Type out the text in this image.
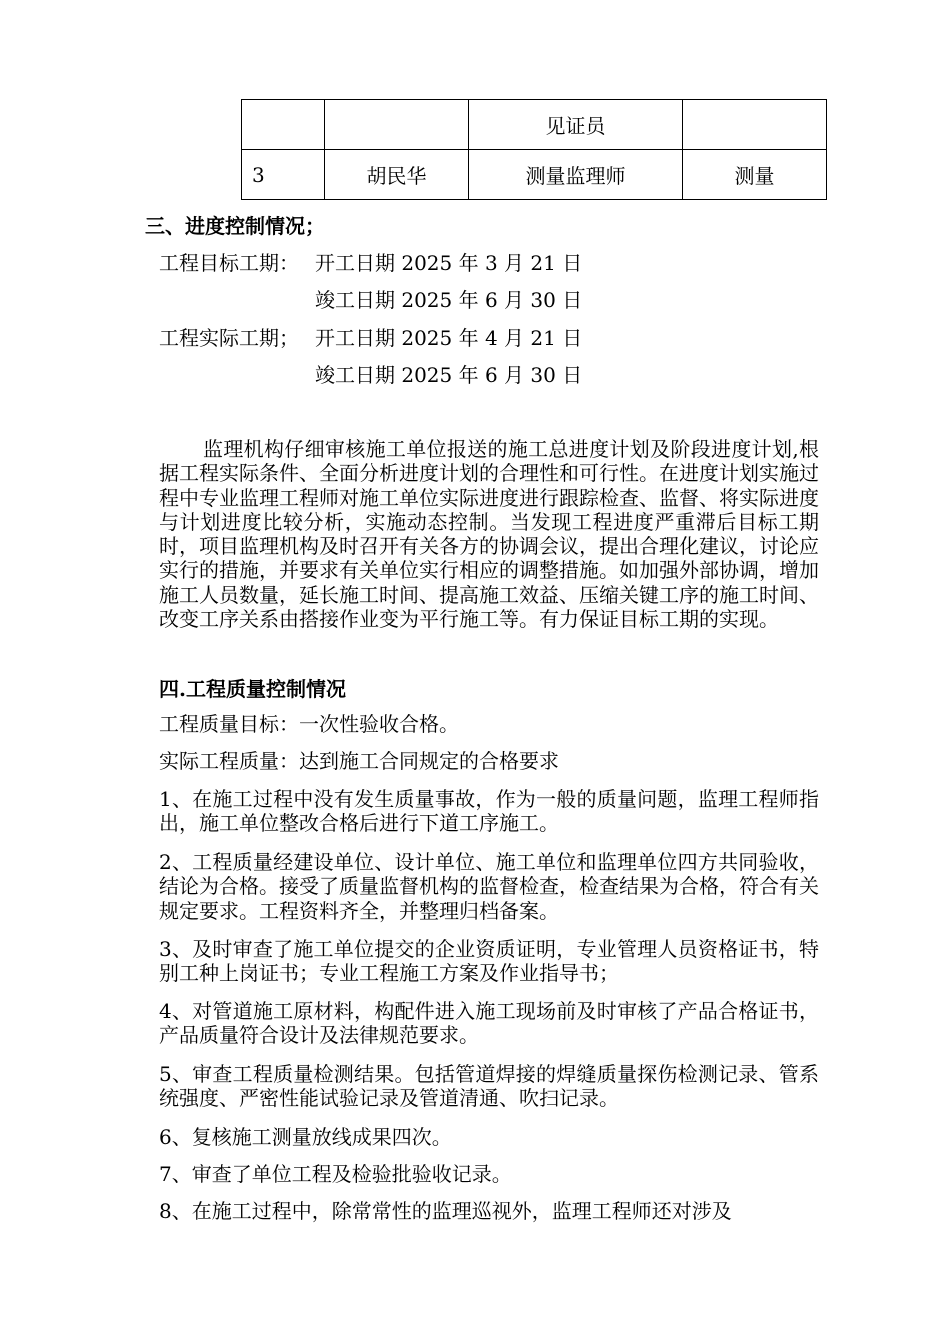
		见证员	
3	胡民华	测量监理师	测量
三、进度控制情况；
工程目标工期： 开工日期 2025 年 3 月 21 日
竣工日期 2025 年 6 月 30 日
工程实际工期； 开工日期 2025 年 4 月 21 日
竣工日期 2025 年 6 月 30 日
监理机构仔细审核施工单位报送的施工总进度计划及阶段进度计划,根据工程实际条件、全面分析进度计划的合理性和可行性。在进度计划实施过程中专业监理工程师对施工单位实际进度进行跟踪检查、监督、将实际进度与计划进度比较分析，实施动态控制。当发现工程进度严重滞后目标工期时，项目监理机构及时召开有关各方的协调会议，提出合理化建议，讨论应实行的措施，并要求有关单位实行相应的调整措施。如加强外部协调，增加施工人员数量，延长施工时间、提高施工效益、压缩关键工序的施工时间、改变工序关系由搭接作业变为平行施工等。有力保证目标工期的实现。
四.工程质量控制情况
工程质量目标：一次性验收合格。
实际工程质量：达到施工合同规定的合格要求
1、在施工过程中没有发生质量事故，作为一般的质量问题，监理工程师指出，施工单位整改合格后进行下道工序施工。
2、工程质量经建设单位、设计单位、施工单位和监理单位四方共同验收，结论为合格。接受了质量监督机构的监督检查，检查结果为合格，符合有关规定要求。工程资料齐全，并整理归档备案。
3、及时审查了施工单位提交的企业资质证明，专业管理人员资格证书，特别工种上岗证书；专业工程施工方案及作业指导书；
4、对管道施工原材料，构配件进入施工现场前及时审核了产品合格证书，产品质量符合设计及法律规范要求。
5、审查工程质量检测结果。包括管道焊接的焊缝质量探伤检测记录、管系统强度、严密性能试验记录及管道清通、吹扫记录。
6、复核施工测量放线成果四次。
7、审查了单位工程及检验批验收记录。
8、在施工过程中，除常常性的监理巡视外，监理工程师还对涉及
